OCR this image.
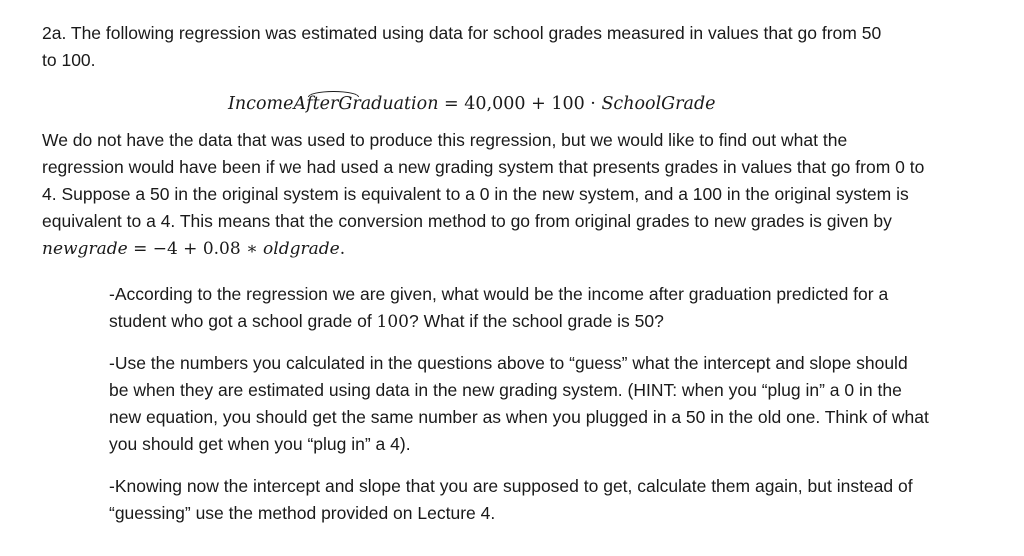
2a. The following regression was estimated using data for school grades measured in values that go from 50 to 100.

IncomeAfterGraduation = 40,000 + 100 · SchoolGrade

We do not have the data that was used to produce this regression, but we would like to find out what the regression would have been if we had used a new grading system that presents grades in values that go from 0 to 4. Suppose a 50 in the original system is equivalent to a 0 in the new system, and a 100 in the original system is equivalent to a 4. This means that the conversion method to go from original grades to new grades is given by newgrade = −4 + 0.08 ∗ oldgrade.

-According to the regression we are given, what would be the income after graduation predicted for a student who got a school grade of 100? What if the school grade is 50?

-Use the numbers you calculated in the questions above to “guess” what the intercept and slope should be when they are estimated using data in the new grading system. (HINT: when you “plug in” a 0 in the new equation, you should get the same number as when you plugged in a 50 in the old one. Think of what you should get when you “plug in” a 4).

-Knowing now the intercept and slope that you are supposed to get, calculate them again, but instead of “guessing” use the method provided on Lecture 4.
